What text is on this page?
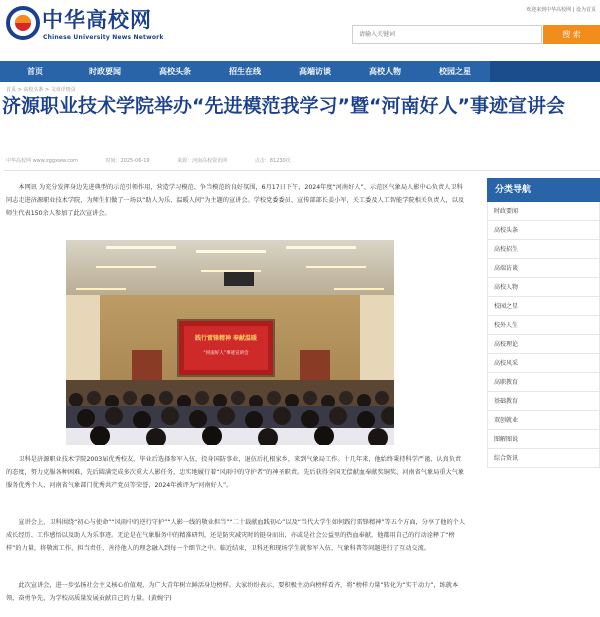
中华高校网
Chinese University News Network
欢迎来到中华高校网 | 设为首页
请输入关键词
搜 索
首页	时政要闻	高校头条	招生在线	高端访谈	高校人物	校园之星
首页 > 高校头条 > 文章详情页
济源职业技术学院举办“先进模范我学习”暨“河南好人”事迹宣讲会
中华高校网 www.zggxww.com	时间：2025-06-19	来源：河南高校资讯网	点击：81230次
本网讯 为充分发挥身边先进典型的示范引领作用，营造学习模范、争当模范的良好氛围，6月17日下午，2024年度“河南好人”、示范区气象局人影中心负责人卫科同志走进济源职业技术学院，为师生们做了一场以“助人为乐、温暖人间”为主题的宣讲会。学校党委委员、宣传部部长姜小军，关工委及人工智能学院相关负责人，以及师生代表150余人参加了此次宣讲会。
践行雷锋精神 奉献温暖
“河南好人”事迹宣讲会
卫科是济源职业技术学院2003届优秀校友，毕业后选择参军入伍，投身国防事业，退伍后扎根家乡，来到气象局工作。十几年来，他始终秉持科学严谨、认真负责的态度，努力克服各种困难，先后圆满完成多次重大人影任务，忠实地履行着“风雨中的守护者”的神圣职责。先后获得全国无偿献血奉献奖铜奖、河南省气象局重大气象服务优秀个人、河南省气象部门优秀共产党员等荣誉，2024年被评为“河南好人”。
宣讲会上，卫科围绕“初心与使命”“风雨中的逆行守护”“人影一线的敬业担当”“二十载献血践初心”以及“当代大学生如何践行雷锋精神”等五个方面，分享了他的个人成长经历、工作感悟以及助人为乐事迹。无论是在气象服务中的精准研判，还是防灾减灾时的挺身而出，亦或是社会公益里的热血奉献，他都用自己的行动诠释了“榜样”的力量，将敬寓工作、担当责任、善待他人的理念融入到每一个细节之中。临近结束，卫科还和现场学生就参军入伍、气象科普等问题进行了互动交流。
此次宣讲会，进一步弘扬社会主义核心价值观，为广大青年树立鲜活身边榜样。大家纷纷表示，要积极主动向榜样看齐，将“榜样力量”转化为“实干动力”，练就本领，奋勇争先，为学校高质量发展贡献自己的力量。(黄婉宁)
分类导航
时政要闻
高校头条
高校招生
高端访谈
高校人物
校园之星
校外人生
高校理论
高校风采
高职教育
基础教育
双创就业
图解图说
综合资讯
